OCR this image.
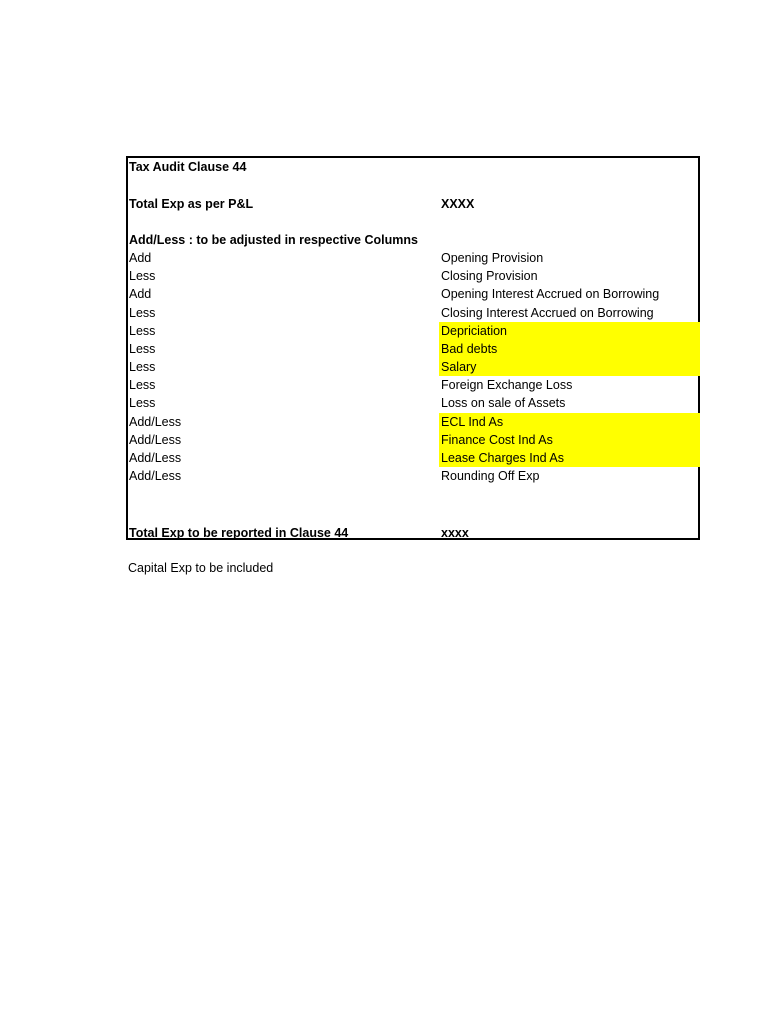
Tax Audit Clause 44
Total Exp as per P&L	XXXX
Add/Less : to be adjusted in respective Columns
Add	Opening Provision
Less	Closing Provision
Add	Opening Interest Accrued on Borrowing
Less	Closing Interest Accrued on Borrowing
Less	Depriciation
Less	Bad debts
Less	Salary
Less	Foreign Exchange Loss
Less	Loss on sale of Assets
Add/Less	ECL Ind As
Add/Less	Finance Cost Ind As
Add/Less	Lease Charges Ind As
Add/Less	Rounding Off Exp
Total Exp to be reported in Clause 44	xxxx
Capital Exp to be included
